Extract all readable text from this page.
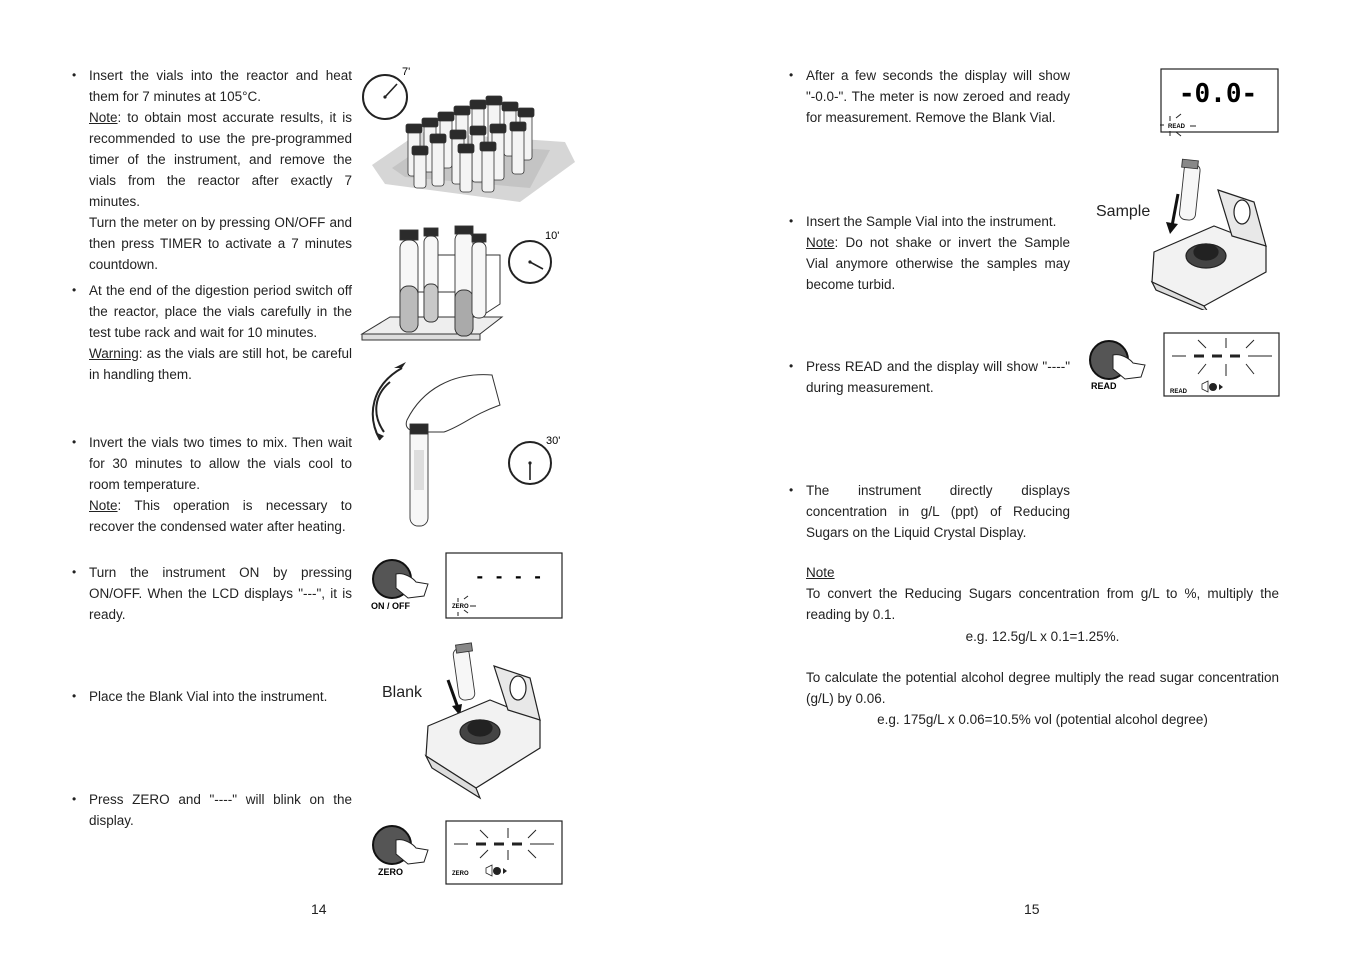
• Insert the vials into the reactor and heat them for 7 minutes at 105°C.
Note: to obtain most accurate results, it is recommended to use the pre-programmed timer of the instrument, and remove the vials from the reactor after exactly 7 minutes.
Turn the meter on by pressing ON/OFF and then press TIMER to activate a 7 minutes countdown.
7'
• At the end of the digestion period switch off the reactor, place the vials carefully in the test tube rack and wait for 10 minutes.
Warning: as the vials are still hot, be careful in handling them.
10'
• Invert the vials two times to mix. Then wait for 30 minutes to allow the vials cool to room temperature.
Note: This operation is necessary to recover the condensed water after heating.
30'
• Turn the instrument ON by pressing ON/OFF. When the LCD displays "---", it is ready.
ON / OFF
- - - -
ZERO
• Place the Blank Vial into the instrument.	Blank
• Press ZERO and "----" will blink on the display.
ZERO	ZERO
14
• After a few seconds the display will show "-0.0-". The meter is now zeroed and ready for measurement. Remove the Blank Vial.
-0.0-
READ
• Insert the Sample Vial into the instrument.
Note: Do not shake or invert the Sample Vial anymore otherwise the samples may become turbid.
Sample
• Press READ and the display will show "----" during measurement.	READ
READ
• The instrument directly displays concentration in g/L (ppt) of Reducing Sugars on the Liquid Crystal Display.
Note
To convert the Reducing Sugars concentration from g/L to %, multiply the reading by 0.1.
e.g. 12.5g/L x 0.1=1.25%.
To calculate the potential alcohol degree multiply the read sugar concentration (g/L) by 0.06.
e.g. 175g/L x 0.06=10.5% vol (potential alcohol degree)
15
